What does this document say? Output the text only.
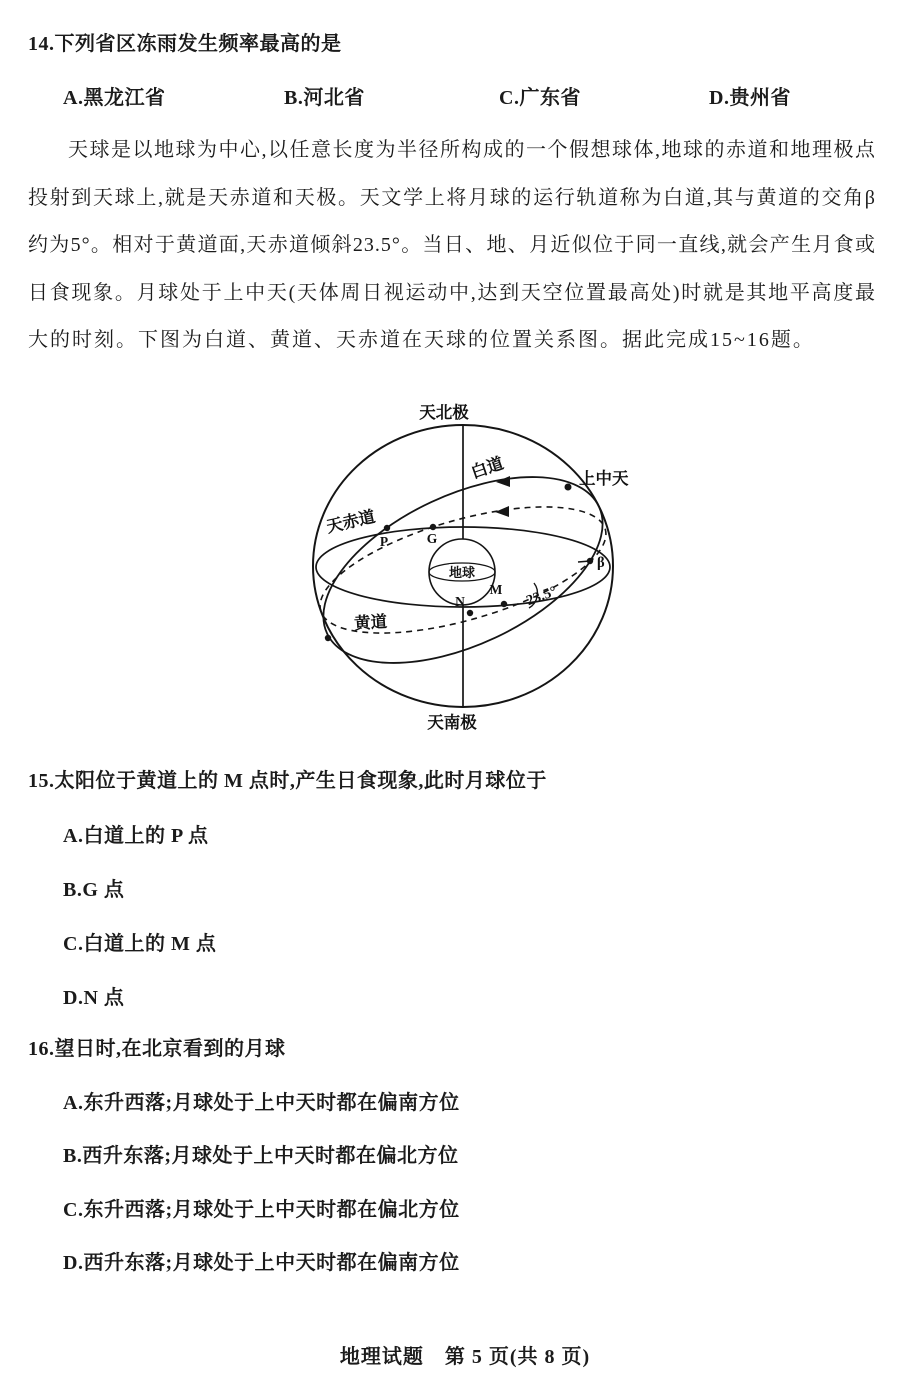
14.下列省区冻雨发生频率最高的是
A.黑龙江省	B.河北省	C.广东省	D.贵州省
天球是以地球为中心,以任意长度为半径所构成的一个假想球体,地球的赤道和地理极点
投射到天球上,就是天赤道和天极。天文学上将月球的运行轨道称为白道,其与黄道的交角β
约为5°。相对于黄道面,天赤道倾斜23.5°。当日、地、月近似位于同一直线,就会产生月食或
日食现象。月球处于上中天(天体周日视运动中,达到天空位置最高处)时就是其地平高度最
大的时刻。下图为白道、黄道、天赤道在天球的位置关系图。据此完成15~16题。
地球
天北极
天南极
白道
天赤道
黄道
上中天
23.5°
β
P	G
N
M
15.太阳位于黄道上的 M 点时,产生日食现象,此时月球位于
A.白道上的 P 点
B.G 点
C.白道上的 M 点
D.N 点
16.望日时,在北京看到的月球
A.东升西落;月球处于上中天时都在偏南方位
B.西升东落;月球处于上中天时都在偏北方位
C.东升西落;月球处于上中天时都在偏北方位
D.西升东落;月球处于上中天时都在偏南方位
地理试题　第 5 页(共 8 页)
